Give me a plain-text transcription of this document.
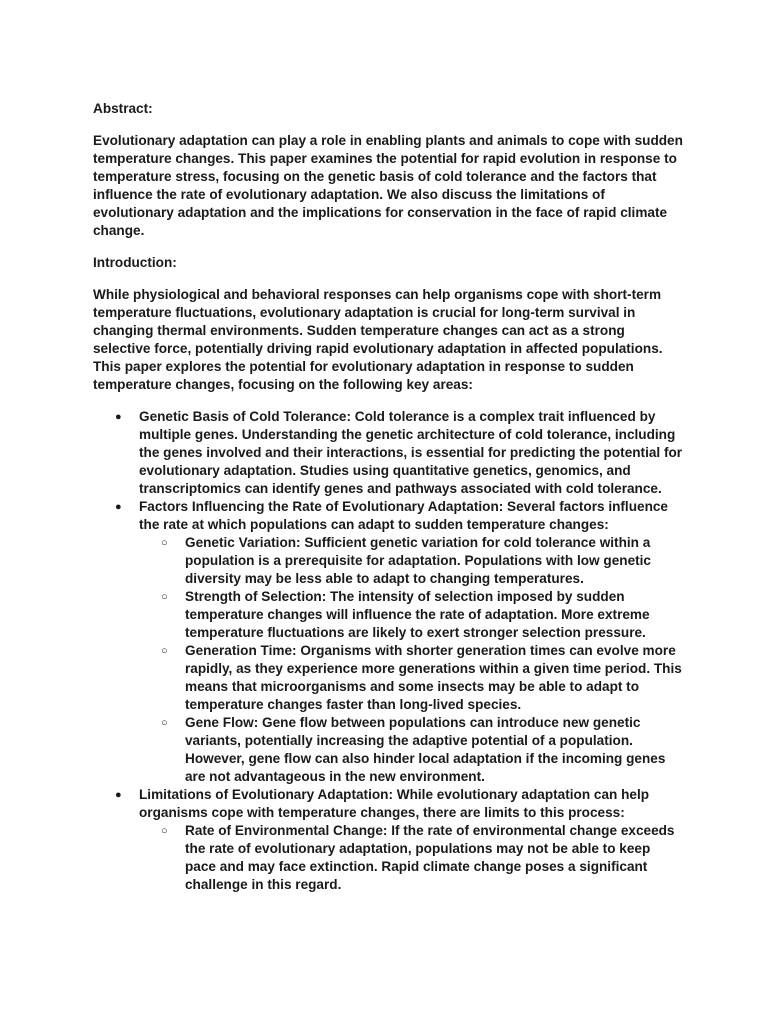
Abstract:
Evolutionary adaptation can play a role in enabling plants and animals to cope with sudden temperature changes. This paper examines the potential for rapid evolution in response to temperature stress, focusing on the genetic basis of cold tolerance and the factors that influence the rate of evolutionary adaptation. We also discuss the limitations of evolutionary adaptation and the implications for conservation in the face of rapid climate change.
Introduction:
While physiological and behavioral responses can help organisms cope with short-term temperature fluctuations, evolutionary adaptation is crucial for long-term survival in changing thermal environments. Sudden temperature changes can act as a strong selective force, potentially driving rapid evolutionary adaptation in affected populations. This paper explores the potential for evolutionary adaptation in response to sudden temperature changes, focusing on the following key areas:
● Genetic Basis of Cold Tolerance: Cold tolerance is a complex trait influenced by multiple genes. Understanding the genetic architecture of cold tolerance, including the genes involved and their interactions, is essential for predicting the potential for evolutionary adaptation. Studies using quantitative genetics, genomics, and transcriptomics can identify genes and pathways associated with cold tolerance.
● Factors Influencing the Rate of Evolutionary Adaptation: Several factors influence the rate at which populations can adapt to sudden temperature changes:
○ Genetic Variation: Sufficient genetic variation for cold tolerance within a population is a prerequisite for adaptation. Populations with low genetic diversity may be less able to adapt to changing temperatures.
○ Strength of Selection: The intensity of selection imposed by sudden temperature changes will influence the rate of adaptation. More extreme temperature fluctuations are likely to exert stronger selection pressure.
○ Generation Time: Organisms with shorter generation times can evolve more rapidly, as they experience more generations within a given time period. This means that microorganisms and some insects may be able to adapt to temperature changes faster than long-lived species.
○ Gene Flow: Gene flow between populations can introduce new genetic variants, potentially increasing the adaptive potential of a population. However, gene flow can also hinder local adaptation if the incoming genes are not advantageous in the new environment.
● Limitations of Evolutionary Adaptation: While evolutionary adaptation can help organisms cope with temperature changes, there are limits to this process:
○ Rate of Environmental Change: If the rate of environmental change exceeds the rate of evolutionary adaptation, populations may not be able to keep pace and may face extinction. Rapid climate change poses a significant challenge in this regard.
